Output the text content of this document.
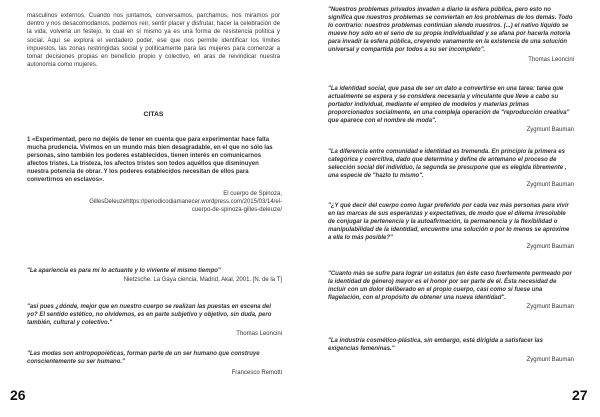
masculinos externos. Cuando nos juntamos, conversamos, parchamos, nos miramos por dentro y nos desacomodamos, podemos reír, sentir placer y disfrutar, hacer la celebración de la vida, volverla un festejo, lo cual en sí mismo ya es una forma de resistencia política y social. Aquí se explora el verdadero poder, ese que nos permite identificar los límites impuestos, las zonas restringidas social y políticamente para las mujeres para comenzar a tomar decisiones propias en beneficio propio y colectivo, en aras de reivindicar nuestra autonomía como mujeres.

CITAS

1 «Experimentad, pero no dejéis de tener en cuenta que para experimentar hace falta mucha prudencia. Vivimos en un mundo más bien desagradable, en el que no sólo las personas, sino también los poderes establecidos, tienen interés en comunicarnos afectos tristes. La tristeza, los afectos tristes son todos aquéllos que disminuyen nuestra potencia de obrar. Y los poderes establecidos necesitan de ellos para convertirnos en esclavos».

El cuerpo de Spinoza,

GillesDeleuzehttps://periodicodiamanecer.wordpress.com/2015/03/14/el-cuerpo-de-spinoza-gilles-deleuze/

"La apariencia es para mí lo actuante y lo viviente el mismo tiempo"

Nietzsche. La Gaya ciencia, Madrid, Akal, 2001. [N. de la T]

"así pues ¿dónde, mejor que en nuestro cuerpo se realizan las puestas en escena del yo? El sentido estético, no olvidemos, es en parte subjetivo y objetivo, sin duda, pero también, cultural y colectivo."

Thomas Leoncini

"Las modas son antropopoiéticas, forman parte de un ser humano que construye conscientemente su ser humano."

Francesco Remotti

26

"Nuestros problemas privados invaden a diario la esfera pública, pero esto no significa que nuestros problemas se conviertan en los problemas de los demás. Todo lo contrario: nuestros problemas continúan siendo nuestros. (...) el nativo líquido se mueve hoy sólo en el seno de su propia individualidad y se afana por hacerla notoria para invadir la esfera pública, creyendo vanamente en la existencia de una solución universal y compartida por todos a su ser incompleto".

Thomas Leoncini

"La identidad social, que pasa de ser un dato a convertirse en una tarea: tarea que actualmente se espera y se considera necesaria y vinculante que lleve a cabo su portador individual, mediante el empleo de modelos y materias primas proporcionados socialmente, en una compleja operación de "reproducción creativa" que aparece con el nombre de moda".

Zygmunt Bauman

"La diferencia entre comunidad e identidad es tremenda. En principio la primera es categórica y coercitiva, dado que determina y define de antemano el proceso de selección social del individuo, la segunda se presupone que es elegida libremente , una especie de "hazlo tu mismo".

Zygmunt Bauman

"¿Y qué decir del cuerpo como lugar preferido por cada vez más personas para vivir en las marcas de sus esperanzas y expectativas, de modo que el dilema irresoluble de conjugar la pertenencia y la autoafirmación, la permanencia y la flexibilidad o manipulabilidad de la identidad, encuentre una solución o por lo menos se aproxime a ella lo más posible?"

Zygmunt Bauman

"Cuanto más se sufre para lograr un estatus (en éste caso fuertemente permeado por la identidad de género) mayor es el honor por ser parte de él. Ésta necesidad de incluir con un dolor deliberado en el propio cuerpo, casi como si fuese una flagelación, con el propósito de obtener una nueva identidad".

Zygmunt Bauman

"La industria cosmético-plástica, sin embargo, está dirigida a satisfacer las exigencias femeninas."

Zygmunt Bauman

27
